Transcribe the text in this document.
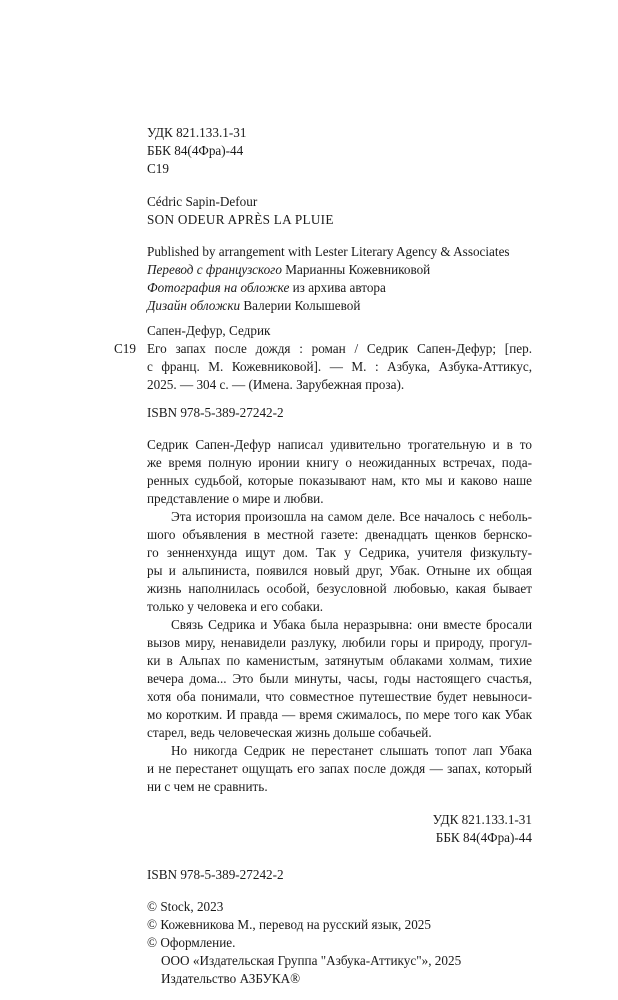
УДК 821.133.1-31
ББК 84(4Фра)-44
С19
Cédric Sapin-Defour
SON ODEUR APRÈS LA PLUIE
Published by arrangement with Lester Literary Agency & Associates
Перевод с французского Марианны Кожевниковой
Фотография на обложке из архива автора
Дизайн обложки Валерии Колышевой
Сапен-Дефур, Седрик
С19 Его запах после дождя : роман / Седрик Сапен-Дефур; [пер.
с франц. М. Кожевниковой]. — М. : Азбука, Азбука-Аттикус,
2025. — 304 с. — (Имена. Зарубежная проза).
ISBN 978-5-389-27242-2
Седрик Сапен-Дефур написал удивительно трогательную и в то
же время полную иронии книгу о неожиданных встречах, пода-
ренных судьбой, которые показывают нам, кто мы и каково наше
представление о мире и любви.
Эта история произошла на самом деле. Все началось с неболь-
шого объявления в местной газете: двенадцать щенков бернско-
го зенненхунда ищут дом. Так у Седрика, учителя физкульту-
ры и альпиниста, появился новый друг, Убак. Отныне их общая
жизнь наполнилась особой, безусловной любовью, какая бывает
только у человека и его собаки.
Связь Седрика и Убака была неразрывна: они вместе бросали
вызов миру, ненавидели разлуку, любили горы и природу, прогул-
ки в Альпах по каменистым, затянутым облаками холмам, тихие
вечера дома... Это были минуты, часы, годы настоящего счастья,
хотя оба понимали, что совместное путешествие будет невыноси-
мо коротким. И правда — время сжималось, по мере того как Убак
старел, ведь человеческая жизнь дольше собачьей.
Но никогда Седрик не перестанет слышать топот лап Убака
и не перестанет ощущать его запах после дождя — запах, который
ни с чем не сравнить.
УДК 821.133.1-31
ББК 84(4Фра)-44
ISBN 978-5-389-27242-2
© Stock, 2023
© Кожевникова М., перевод на русский язык, 2025
© Оформление.
ООО «Издательская Группа "Азбука-Аттикус"», 2025
Издательство АЗБУКА®
